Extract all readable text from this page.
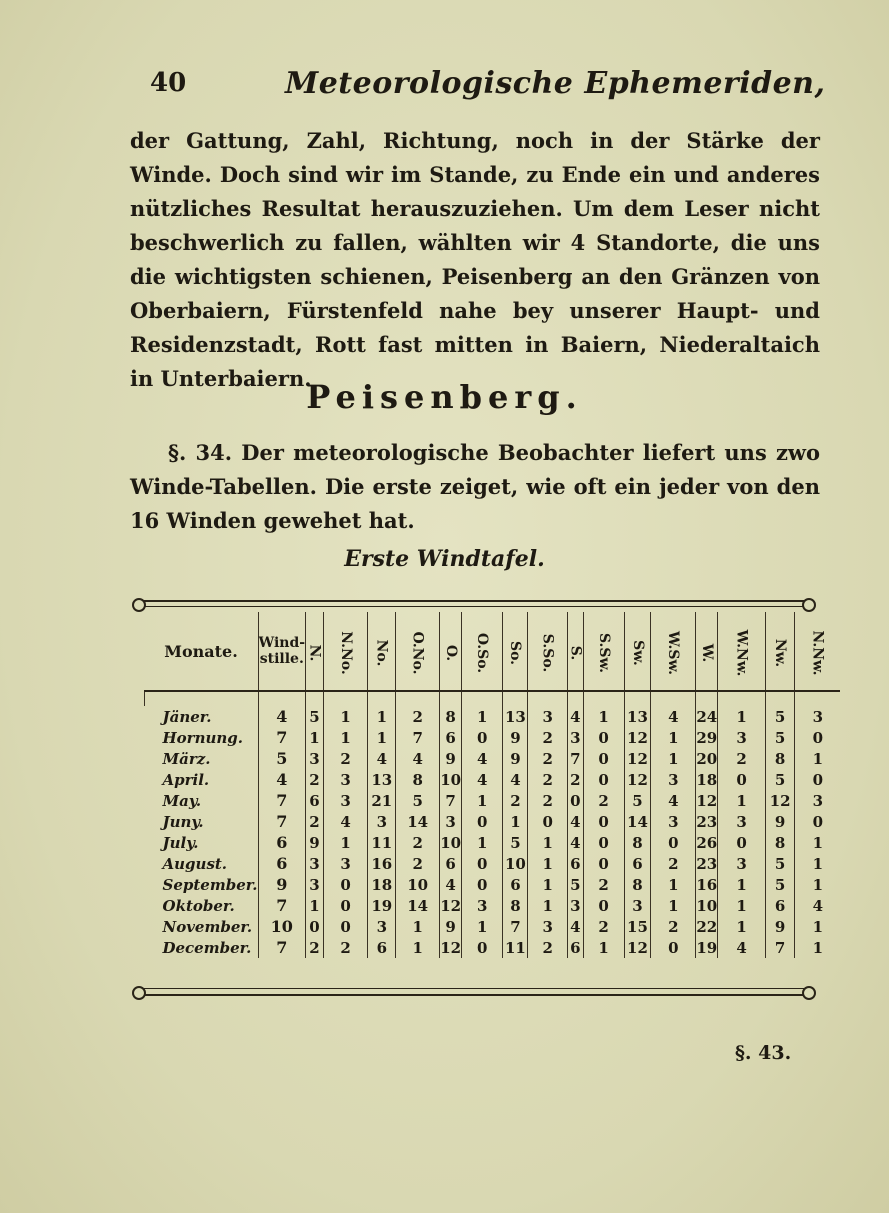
40	Meteorologische Ephemeriden,
der Gattung, Zahl, Richtung, noch in der Stärke der Winde. Doch sind wir im Stande, zu Ende ein und anderes nützliches Resultat herauszuziehen. Um dem Leser nicht beschwerlich zu fallen, wählten wir 4 Standorte, die uns die wichtigsten schienen, Peisenberg an den Gränzen von Oberbaiern, Fürstenfeld nahe bey unserer Haupt- und Residenzstadt, Rott fast mitten in Baiern, Niederaltaich in Unterbaiern.
Peisenberg.
§. 34. Der meteorologische Beobachter liefert uns zwo Winde-Tabellen. Die erste zeiget, wie oft ein jeder von den 16 Winden gewehet hat.
Erste Windtafel.
Monate.	Wind-stille.	N.	N.No.	No.	O.No.	O.	O.So.	So.	S.So.	S.	S.Sw.	Sw.	W.Sw.	W.	W.Nw.	Nw.	N.Nw.

Jäner.	4	5	1	1	2	8	1	13	3	4	1	13	4	24	1	5	3
Hornung.	7	1	1	1	7	6	0	9	2	3	0	12	1	29	3	5	0
März.	5	3	2	4	4	9	4	9	2	7	0	12	1	20	2	8	1
April.	4	2	3	13	8	10	4	4	2	2	0	12	3	18	0	5	0
May.	7	6	3	21	5	7	1	2	2	0	2	5	4	12	1	12	3
Juny.	7	2	4	3	14	3	0	1	0	4	0	14	3	23	3	9	0
July.	6	9	1	11	2	10	1	5	1	4	0	8	0	26	0	8	1
August.	6	3	3	16	2	6	0	10	1	6	0	6	2	23	3	5	1
September.	9	3	0	18	10	4	0	6	1	5	2	8	1	16	1	5	1
Oktober.	7	1	0	19	14	12	3	8	1	3	0	3	1	10	1	6	4
November.	10	0	0	3	1	9	1	7	3	4	2	15	2	22	1	9	1
December.	7	2	2	6	1	12	0	11	2	6	1	12	0	19	4	7	1
§. 43.
